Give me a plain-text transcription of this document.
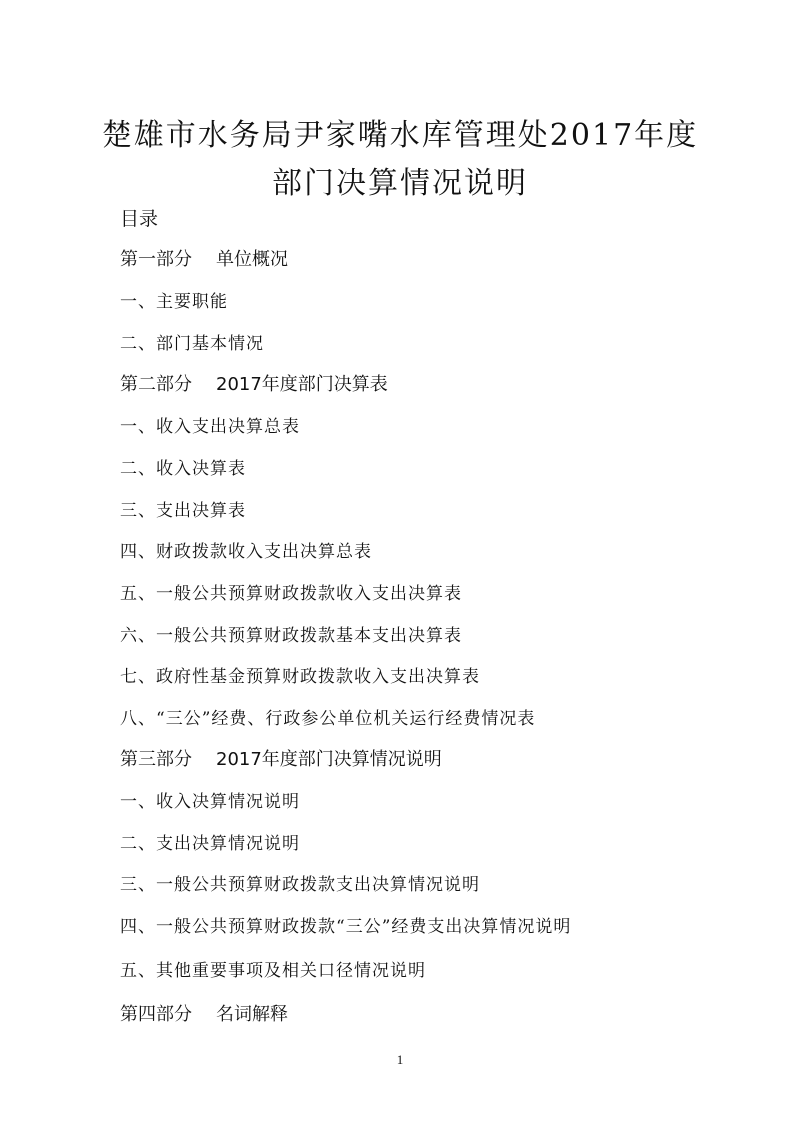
楚雄市水务局尹家嘴水库管理处2017年度
部门决算情况说明
目录
第一部分 单位概况
一、主要职能
二、部门基本情况
第二部分 2017年度部门决算表
一、收入支出决算总表
二、收入决算表
三、支出决算表
四、财政拨款收入支出决算总表
五、一般公共预算财政拨款收入支出决算表
六、一般公共预算财政拨款基本支出决算表
七、政府性基金预算财政拨款收入支出决算表
八、“三公”经费、行政参公单位机关运行经费情况表
第三部分 2017年度部门决算情况说明
一、收入决算情况说明
二、支出决算情况说明
三、一般公共预算财政拨款支出决算情况说明
四、一般公共预算财政拨款“三公”经费支出决算情况说明
五、其他重要事项及相关口径情况说明
第四部分 名词解释
1
